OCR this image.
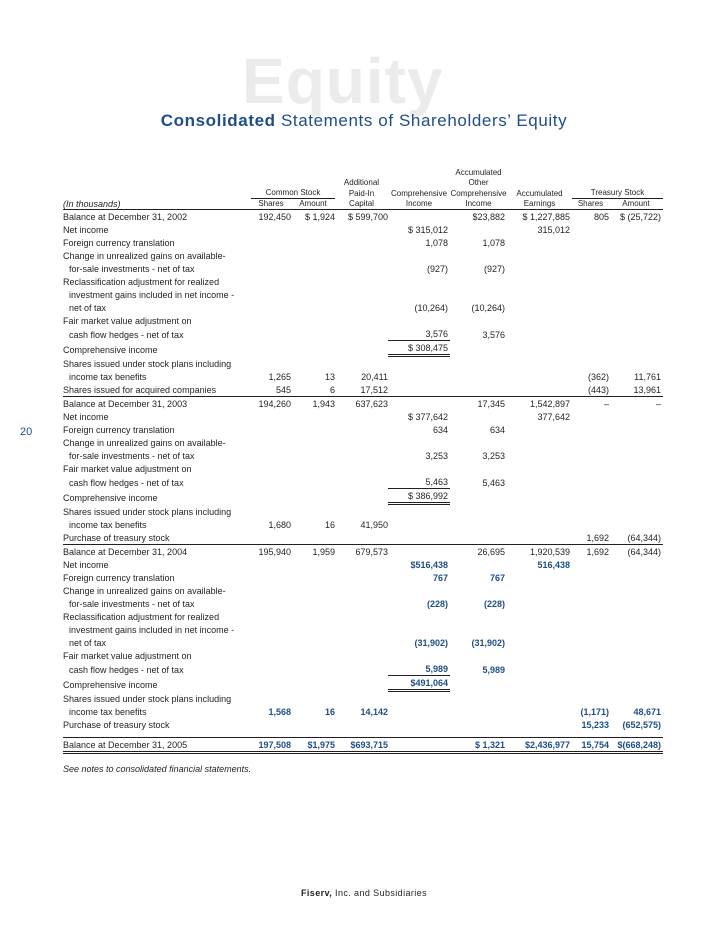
Equity
Consolidated Statements of Shareholders’ Equity
20
					Accumulated			
			Additional		Other			
	Common Stock		Paid-In	Comprehensive	Comprehensive	Accumulated	Treasury Stock	
(In thousands)	Shares	Amount	Capital	Income	Income	Earnings	Shares	Amount
Balance at December 31, 2002	192,450	$ 1,924	$ 599,700		$23,882	$ 1,227,885	805	$ (25,722)
Net income				$ 315,012		315,012		
Foreign currency translation				1,078	1,078			
Change in unrealized gains on available-								
for-sale investments - net of tax				(927)	(927)			
Reclassification adjustment for realized								
investment gains included in net income -								
net of tax				(10,264)	(10,264)			
Fair market value adjustment on								
cash flow hedges - net of tax				3,576	3,576			
Comprehensive income				$ 308,475				
Shares issued under stock plans including								
income tax benefits	1,265	13	20,411				(362)	11,761
Shares issued for acquired companies	545	6	17,512				(443)	13,961
Balance at December 31, 2003	194,260	1,943	637,623		17,345	1,542,897	–	–
Net income				$ 377,642		377,642		
Foreign currency translation				634	634			
Change in unrealized gains on available-								
for-sale investments - net of tax				3,253	3,253			
Fair market value adjustment on								
cash flow hedges - net of tax				5,463	5,463			
Comprehensive income				$ 386,992				
Shares issued under stock plans including								
income tax benefits	1,680	16	41,950					
Purchase of treasury stock							1,692	(64,344)
Balance at December 31, 2004	195,940	1,959	679,573		26,695	1,920,539	1,692	(64,344)
Net income				$516,438		516,438		
Foreign currency translation				767	767			
Change in unrealized gains on available-								
for-sale investments - net of tax				(228)	(228)			
Reclassification adjustment for realized								
investment gains included in net income -								
net of tax				(31,902)	(31,902)			
Fair market value adjustment on								
cash flow hedges - net of tax				5,989	5,989			
Comprehensive income				$491,064				
Shares issued under stock plans including								
income tax benefits	1,568	16	14,142				(1,171)	48,671
Purchase of treasury stock							15,233	(652,575)

Balance at December 31, 2005	197,508	$1,975	$693,715		$ 1,321	$2,436,977	15,754	$(668,248)
See notes to consolidated financial statements.
Fiserv, Inc. and Subsidiaries
